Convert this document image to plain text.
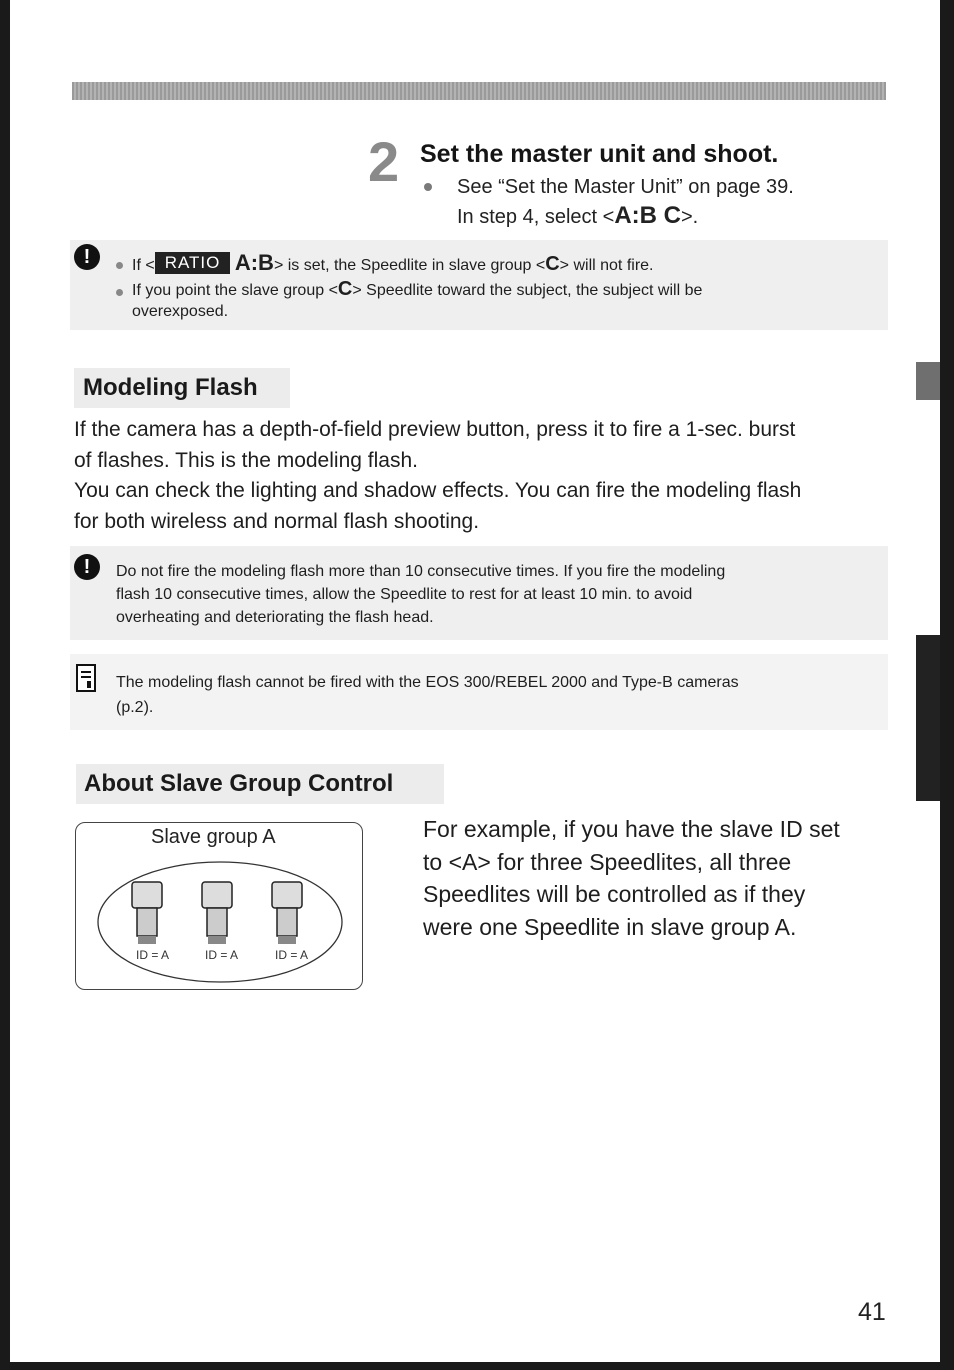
2 Set the master unit and shoot.
See “Set the Master Unit” on page 39.
In step 4, select <A:B C>.
!	If < RATIO A:B> is set, the Speedlite in slave group <C> will not fire.
If you point the slave group <C> Speedlite toward the subject, the subject will be
overexposed.
Modeling Flash
If the camera has a depth-of-field preview button, press it to fire a 1-sec. burst
of flashes. This is the modeling flash.
You can check the lighting and shadow effects. You can fire the modeling flash
for both wireless and normal flash shooting.
!	Do not fire the modeling flash more than 10 consecutive times. If you fire the modeling
flash 10 consecutive times, allow the Speedlite to rest for at least 10 min. to avoid
overheating and deteriorating the flash head.
The modeling flash cannot be fired with the EOS 300/REBEL 2000 and Type-B cameras
(p.2).
About Slave Group Control
Slave group A
ID = A	ID = A	ID = A
For example, if you have the slave ID set
to <A> for three Speedlites, all three
Speedlites will be controlled as if they
were one Speedlite in slave group A.
41
